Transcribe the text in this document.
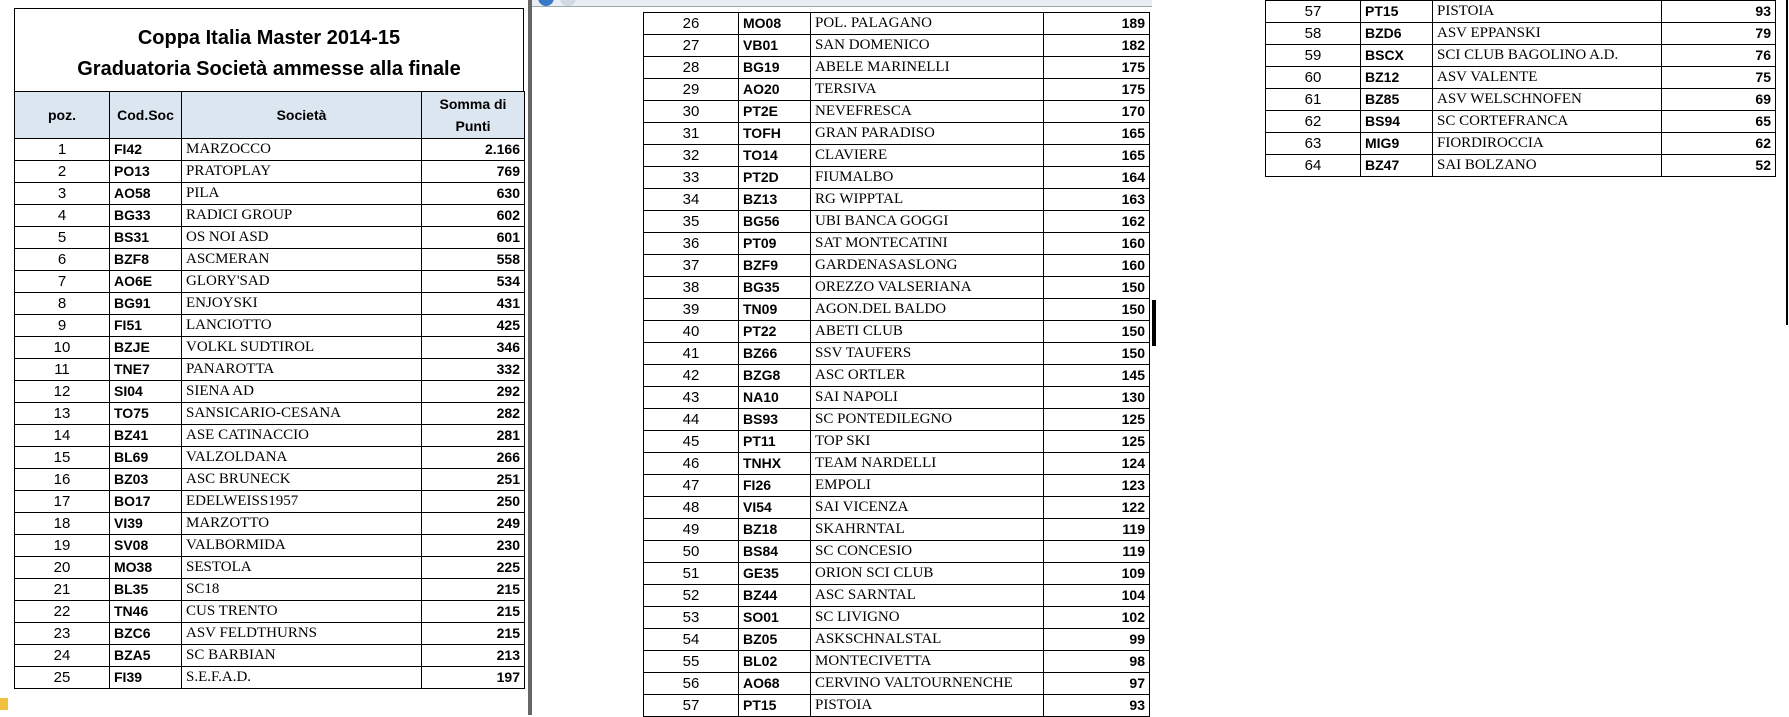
Coppa Italia Master 2014-15
Graduatoria Società ammesse alla finale
poz.	Cod.Soc	Società	Somma di
Punti

1	FI42	MARZOCCO	2.166
2	PO13	PRATOPLAY	769
3	AO58	PILA	630
4	BG33	RADICI GROUP	602
5	BS31	OS NOI ASD	601
6	BZF8	ASCMERAN	558
7	AO6E	GLORY'SAD	534
8	BG91	ENJOYSKI	431
9	FI51	LANCIOTTO	425
10	BZJE	VOLKL SUDTIROL	346
11	TNE7	PANAROTTA	332
12	SI04	SIENA AD	292
13	TO75	SANSICARIO-CESANA	282
14	BZ41	ASE CATINACCIO	281
15	BL69	VALZOLDANA	266
16	BZ03	ASC BRUNECK	251
17	BO17	EDELWEISS1957	250
18	VI39	MARZOTTO	249
19	SV08	VALBORMIDA	230
20	MO38	SESTOLA	225
21	BL35	SC18	215
22	TN46	CUS TRENTO	215
23	BZC6	ASV FELDTHURNS	215
24	BZA5	SC BARBIAN	213
25	FI39	S.E.F.A.D.	197
26	MO08	POL. PALAGANO	189
27	VB01	SAN DOMENICO	182
28	BG19	ABELE MARINELLI	175
29	AO20	TERSIVA	175
30	PT2E	NEVEFRESCA	170
31	TOFH	GRAN PARADISO	165
32	TO14	CLAVIERE	165
33	PT2D	FIUMALBO	164
34	BZ13	RG WIPPTAL	163
35	BG56	UBI BANCA GOGGI	162
36	PT09	SAT MONTECATINI	160
37	BZF9	GARDENASASLONG	160
38	BG35	OREZZO VALSERIANA	150
39	TN09	AGON.DEL BALDO	150
40	PT22	ABETI CLUB	150
41	BZ66	SSV TAUFERS	150
42	BZG8	ASC ORTLER	145
43	NA10	SAI NAPOLI	130
44	BS93	SC PONTEDILEGNO	125
45	PT11	TOP SKI	125
46	TNHX	TEAM NARDELLI	124
47	FI26	EMPOLI	123
48	VI54	SAI VICENZA	122
49	BZ18	SKAHRNTAL	119
50	BS84	SC CONCESIO	119
51	GE35	ORION SCI CLUB	109
52	BZ44	ASC SARNTAL	104
53	SO01	SC LIVIGNO	102
54	BZ05	ASKSCHNALSTAL	99
55	BL02	MONTECIVETTA	98
56	AO68	CERVINO VALTOURNENCHE	97
57	PT15	PISTOIA	93
57	PT15	PISTOIA	93
58	BZD6	ASV EPPANSKI	79
59	BSCX	SCI CLUB BAGOLINO A.D.	76
60	BZ12	ASV VALENTE	75
61	BZ85	ASV WELSCHNOFEN	69
62	BS94	SC CORTEFRANCA	65
63	MIG9	FIORDIROCCIA	62
64	BZ47	SAI BOLZANO	52
